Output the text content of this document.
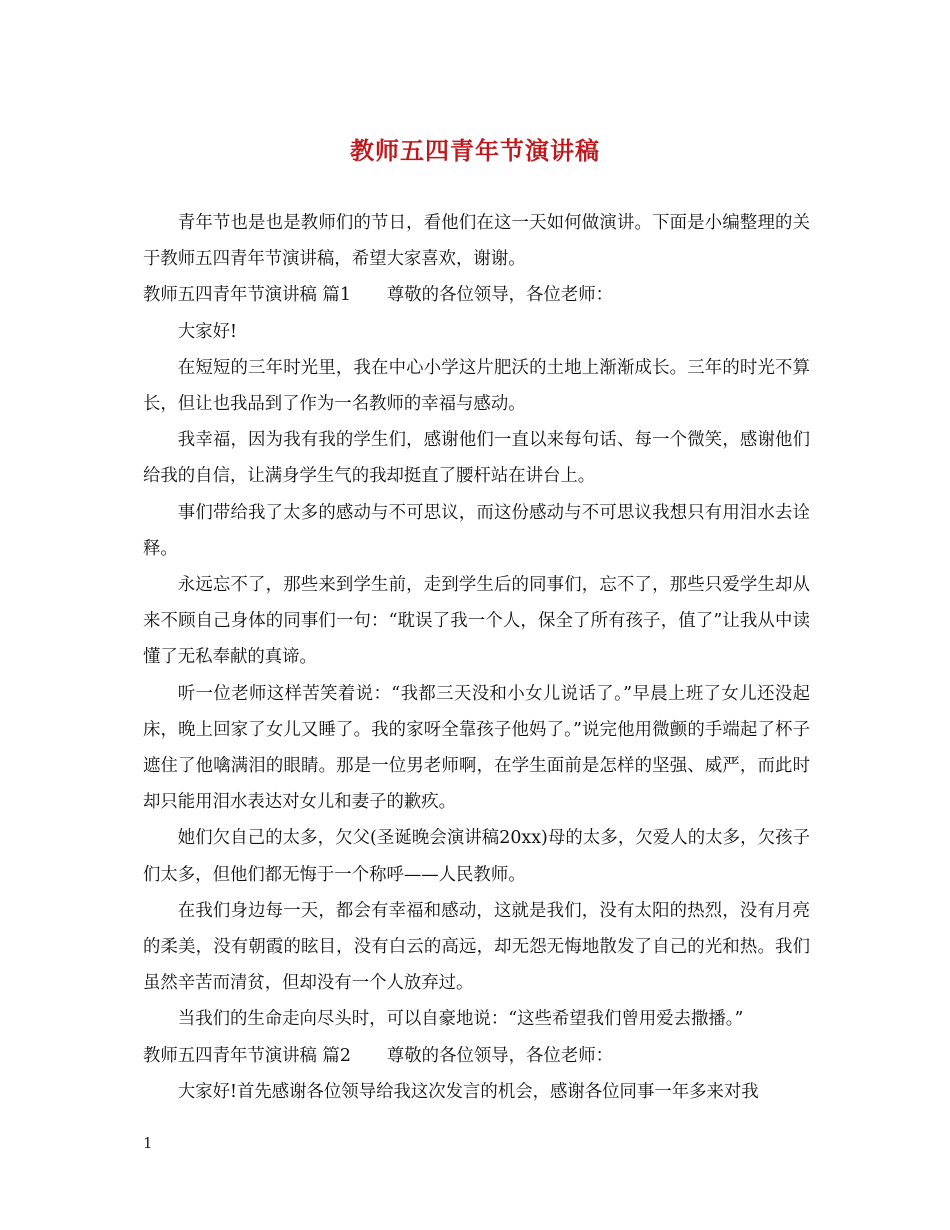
教师五四青年节演讲稿

青年节也是也是教师们的节日，看他们在这一天如何做演讲。下面是小编整理的关于教师五四青年节演讲稿，希望大家喜欢，谢谢。

教师五四青年节演讲稿 篇1 尊敬的各位领导，各位老师：

大家好!

在短短的三年时光里，我在中心小学这片肥沃的土地上渐渐成长。三年的时光不算长，但让也我品到了作为一名教师的幸福与感动。

我幸福，因为我有我的学生们，感谢他们一直以来每句话、每一个微笑，感谢他们给我的自信，让满身学生气的我却挺直了腰杆站在讲台上。

事们带给我了太多的感动与不可思议，而这份感动与不可思议我想只有用泪水去诠释。

永远忘不了，那些来到学生前，走到学生后的同事们，忘不了，那些只爱学生却从来不顾自己身体的同事们一句：“耽误了我一个人，保全了所有孩子，值了”让我从中读懂了无私奉献的真谛。

听一位老师这样苦笑着说：“我都三天没和小女儿说话了。”早晨上班了女儿还没起床，晚上回家了女儿又睡了。我的家呀全靠孩子他妈了。”说完他用微颤的手端起了杯子遮住了他噙满泪的眼睛。那是一位男老师啊，在学生面前是怎样的坚强、威严，而此时却只能用泪水表达对女儿和妻子的歉疚。

她们欠自己的太多，欠父(圣诞晚会演讲稿20xx)母的太多，欠爱人的太多，欠孩子们太多，但他们都无悔于一个称呼——人民教师。

在我们身边每一天，都会有幸福和感动，这就是我们，没有太阳的热烈，没有月亮的柔美，没有朝霞的眩目，没有白云的高远，却无怨无悔地散发了自己的光和热。我们虽然辛苦而清贫，但却没有一个人放弃过。

当我们的生命走向尽头时，可以自豪地说：“这些希望我们曾用爱去撒播。”

教师五四青年节演讲稿 篇2 尊敬的各位领导，各位老师：

大家好!首先感谢各位领导给我这次发言的机会，感谢各位同事一年多来对我

1
